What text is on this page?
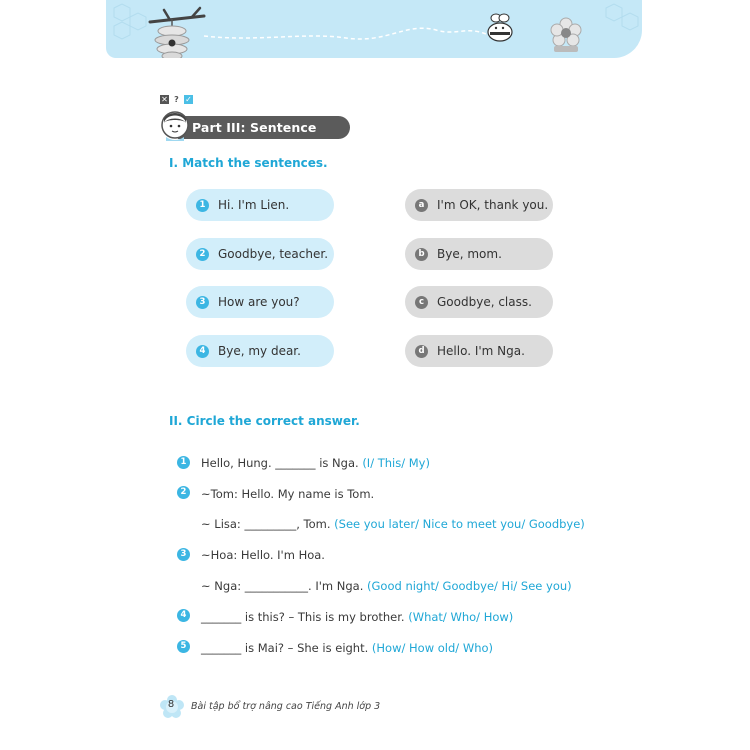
✕ ? ✓
Part III: Sentence patterns
I. Match the sentences.
1 Hi. I'm Lien.
2 Goodbye, teacher.
3 How are you?
4 Bye, my dear.
a	I'm OK, thank you.
b Bye, mom.
c	Goodbye, class.
d Hello. I'm Nga.
II. Circle the correct answer.
1	Hello, Hung. _______ is Nga. (I/ This/ My)
2	~Tom: Hello. My name is Tom.
~ Lisa: _________, Tom. (See you later/ Nice to meet you/ Goodbye)
3	~Hoa: Hello. I'm Hoa.
~ Nga: ___________. I'm Nga. (Good night/ Goodbye/ Hi/ See you)
4	_______ is this? – This is my brother. (What/ Who/ How)
5	_______ is Mai? – She is eight. (How/ How old/ Who)
8	Bài tập bổ trợ nâng cao Tiếng Anh lớp 3
